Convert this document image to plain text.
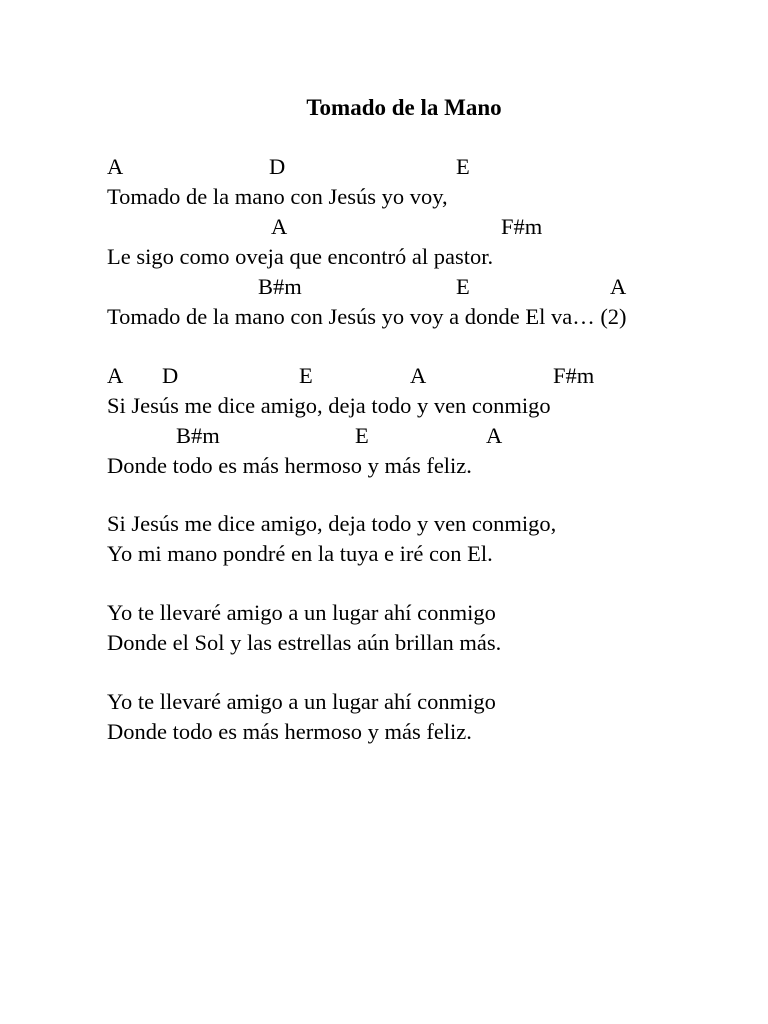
Tomado de la Mano
A	D	E
Tomado de la mano con Jesús yo voy,
A	F#m
Le sigo como oveja que encontró al pastor.
B#m	E	A
Tomado de la mano con Jesús yo voy a donde El va… (2)
A D	E	A	F#m
Si Jesús me dice amigo, deja todo y ven conmigo
B#m	E	A
Donde todo es más hermoso y más feliz.
Si Jesús me dice amigo, deja todo y ven conmigo,
Yo mi mano pondré en la tuya e iré con El.
Yo te llevaré amigo a un lugar ahí conmigo
Donde el Sol y las estrellas aún brillan más.
Yo te llevaré amigo a un lugar ahí conmigo
Donde todo es más hermoso y más feliz.
